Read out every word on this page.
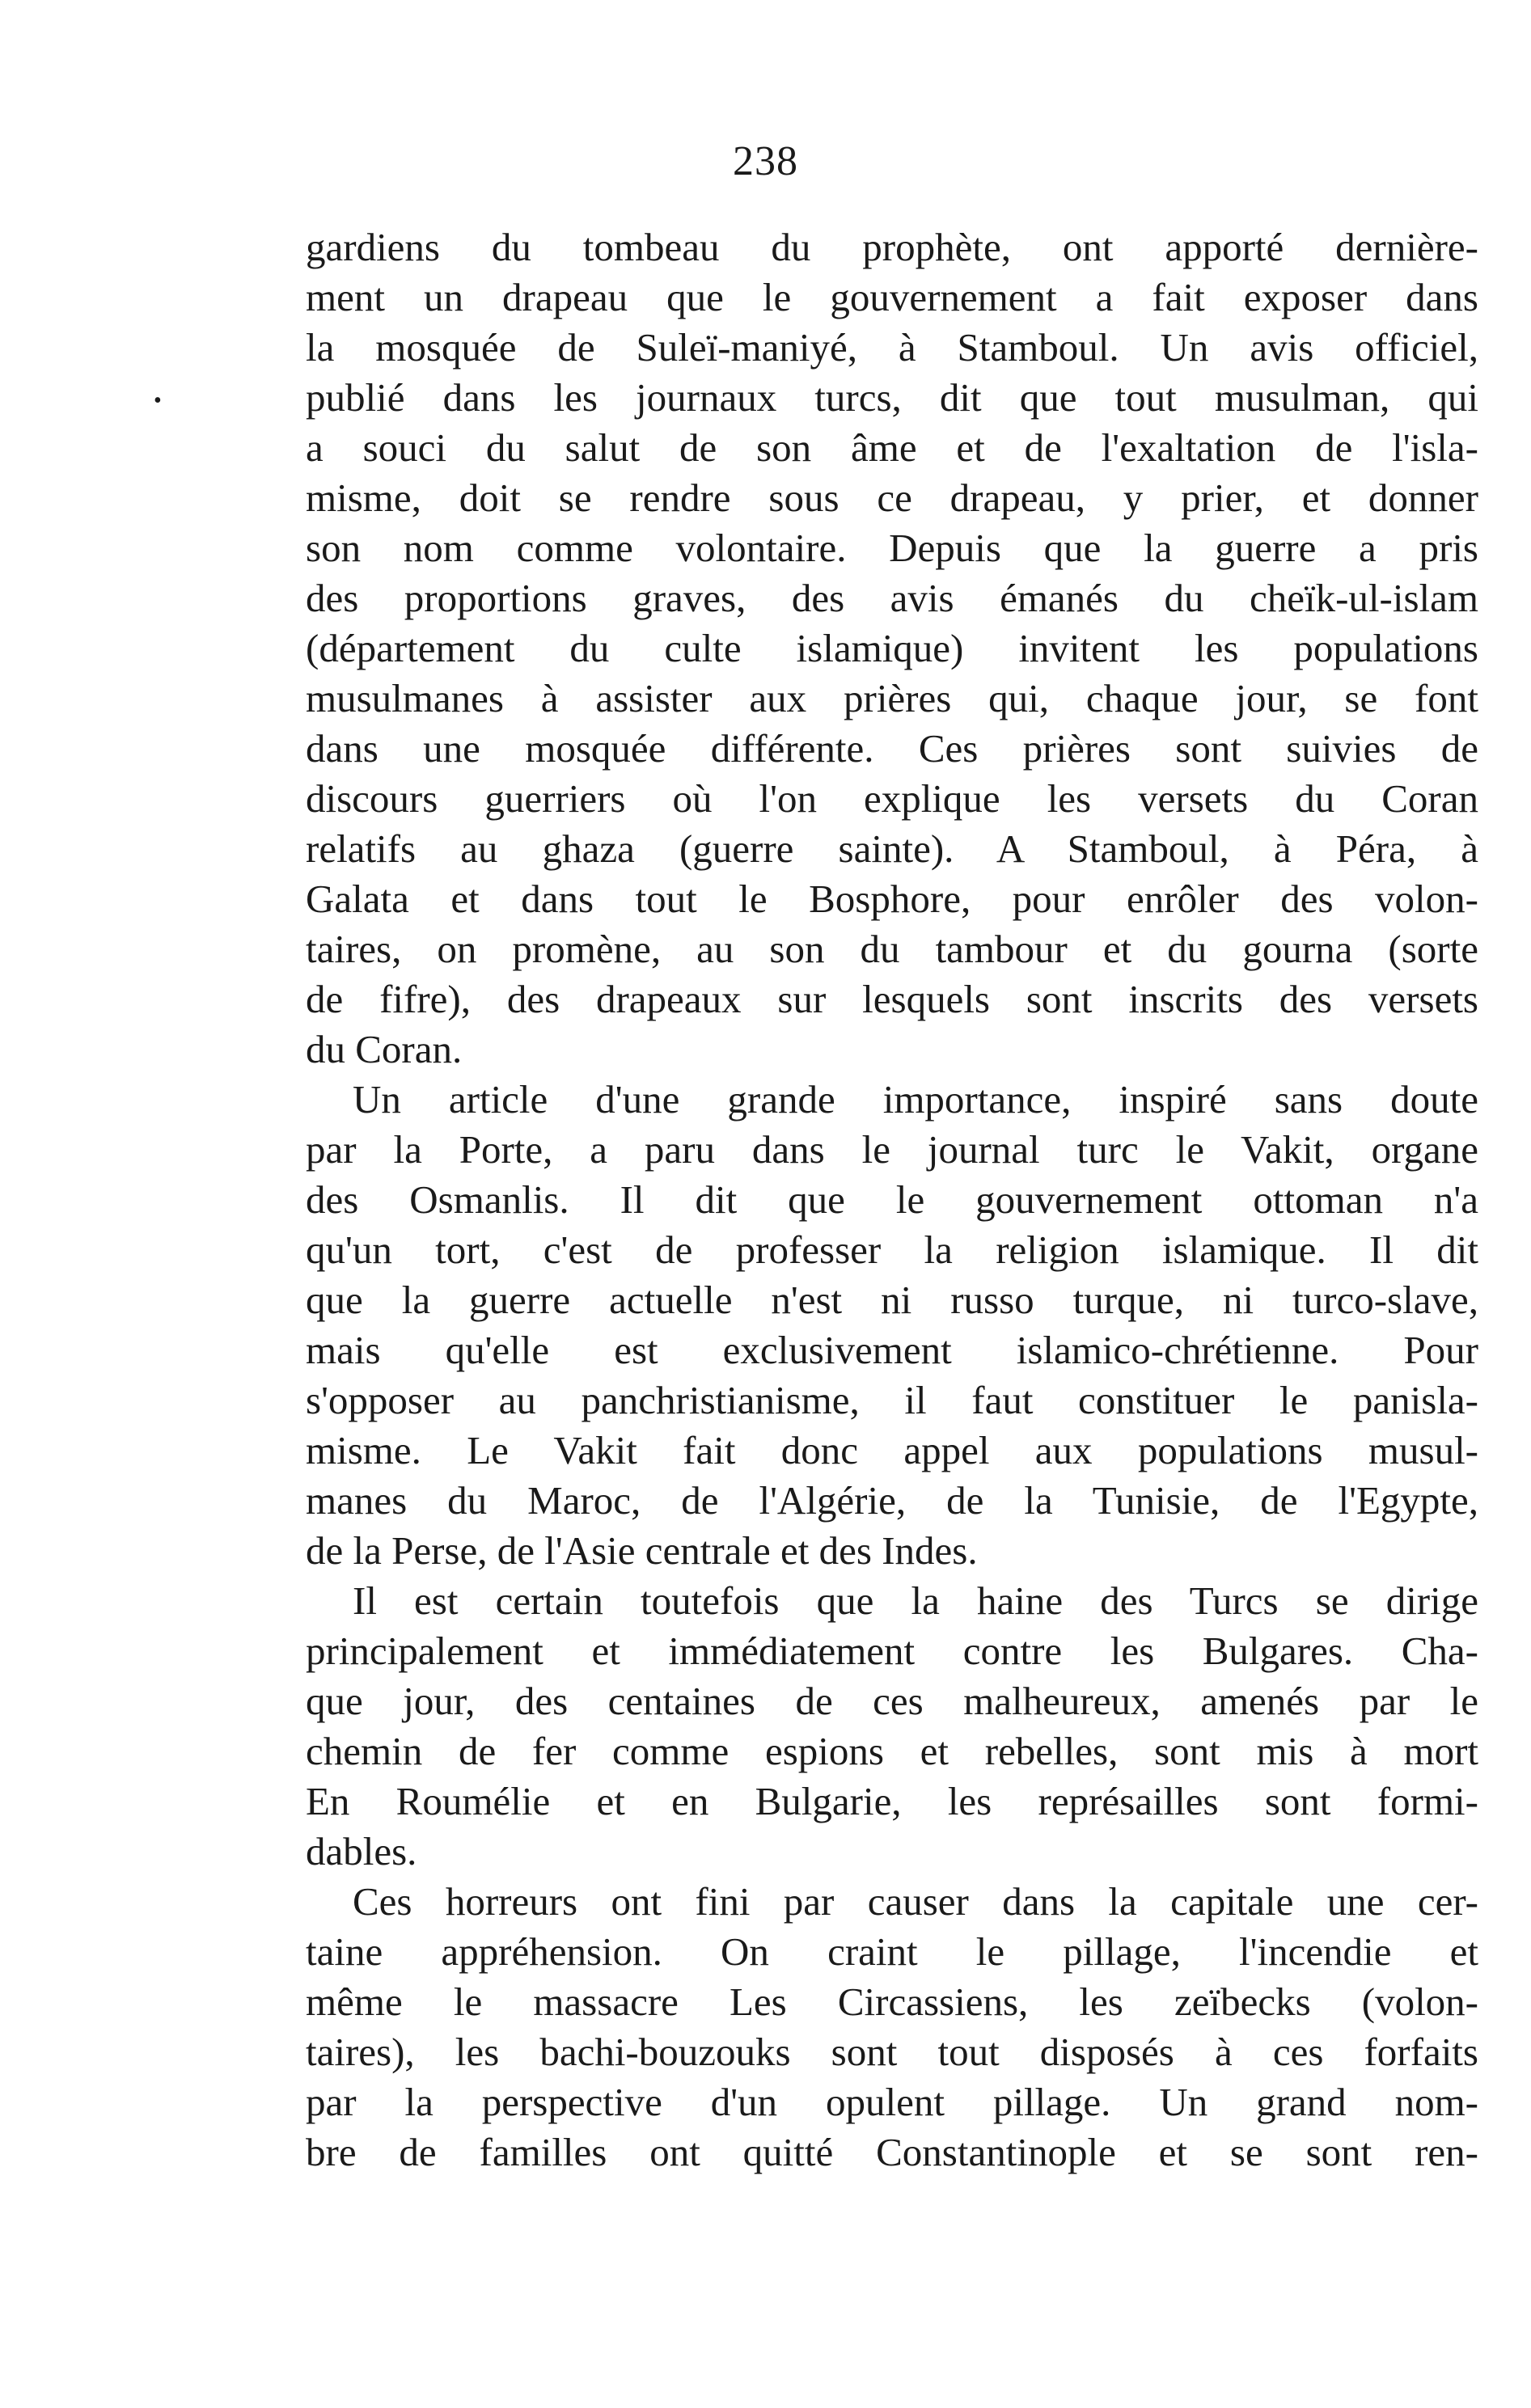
238
•
gardiens du tombeau du prophète, ont apporté dernière-
ment un drapeau que le gouvernement a fait exposer dans
la mosquée de Suleï-maniyé, à Stamboul. Un avis officiel,
publié dans les journaux turcs, dit que tout musulman, qui
a souci du salut de son âme et de l'exaltation de l'isla-
misme, doit se rendre sous ce drapeau, y prier, et donner
son nom comme volontaire. Depuis que la guerre a pris
des proportions graves, des avis émanés du cheïk-ul-islam
(département du culte islamique) invitent les populations
musulmanes à assister aux prières qui, chaque jour, se font
dans une mosquée différente. Ces prières sont suivies de
discours guerriers où l'on explique les versets du Coran
relatifs au ghaza (guerre sainte). A Stamboul, à Péra, à
Galata et dans tout le Bosphore, pour enrôler des volon-
taires, on promène, au son du tambour et du gourna (sorte
de fifre), des drapeaux sur lesquels sont inscrits des versets
du Coran.
Un article d'une grande importance, inspiré sans doute
par la Porte, a paru dans le journal turc le Vakit, organe
des Osmanlis. Il dit que le gouvernement ottoman n'a
qu'un tort, c'est de professer la religion islamique. Il dit
que la guerre actuelle n'est ni russo turque, ni turco-slave,
mais qu'elle est exclusivement islamico-chrétienne. Pour
s'opposer au panchristianisme, il faut constituer le panisla-
misme. Le Vakit fait donc appel aux populations musul-
manes du Maroc, de l'Algérie, de la Tunisie, de l'Egypte,
de la Perse, de l'Asie centrale et des Indes.
Il est certain toutefois que la haine des Turcs se dirige
principalement et immédiatement contre les Bulgares. Cha-
que jour, des centaines de ces malheureux, amenés par le
chemin de fer comme espions et rebelles, sont mis à mort
En Roumélie et en Bulgarie, les représailles sont formi-
dables.
Ces horreurs ont fini par causer dans la capitale une cer-
taine appréhension. On craint le pillage, l'incendie et
même le massacre Les Circassiens, les zeïbecks (volon-
taires), les bachi-bouzouks sont tout disposés à ces forfaits
par la perspective d'un opulent pillage. Un grand nom-
bre de familles ont quitté Constantinople et se sont ren-
